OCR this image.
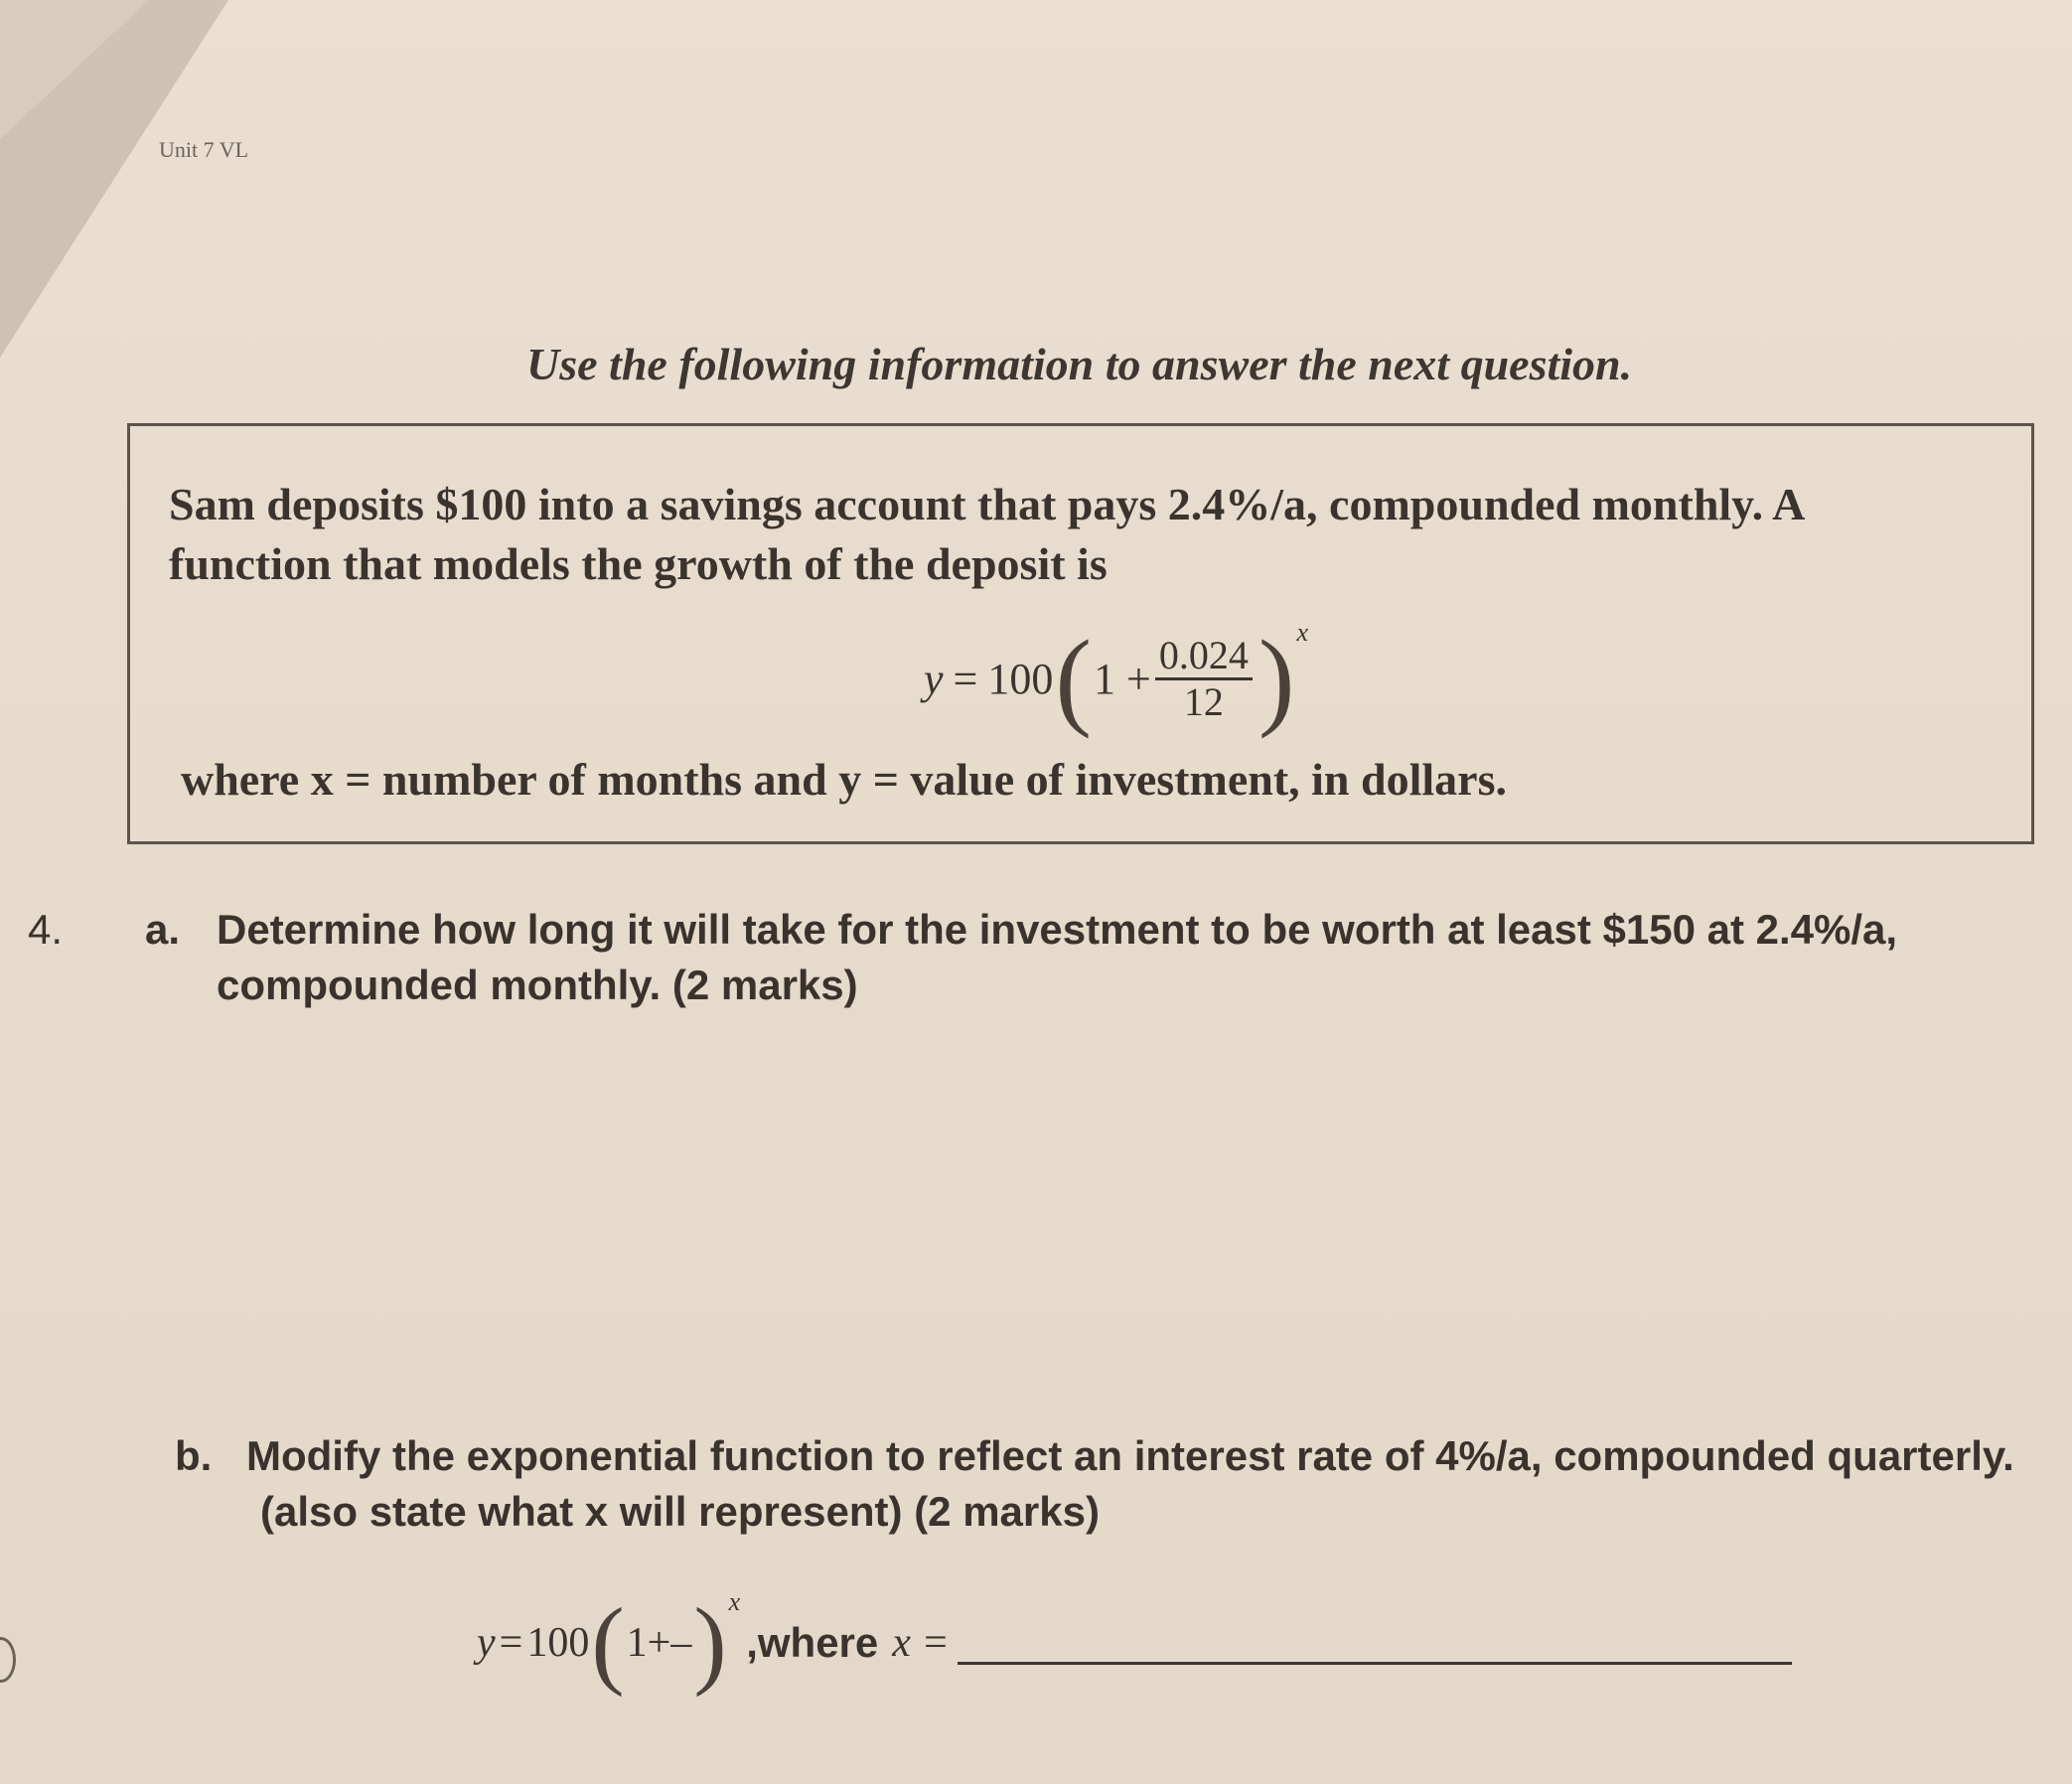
Unit 7 VL
Use the following information to answer the next question.
Sam deposits $100 into a savings account that pays 2.4%/a, compounded monthly. A function that models the growth of the deposit is
y = 100 ( $1 + \frac{0.024}{12}$ ) x
where x = number of months and y = value of investment, in dollars.
4. a. Determine how long it will take for the investment to be worth at least $150 at 2.4%/a,
compounded monthly. (2 marks)
b. Modify the exponential function to reflect an interest rate of 4%/a, compounded quarterly.
(also state what x will represent) (2 marks)
y = 100 ( 1+ – ) x
,where x =
